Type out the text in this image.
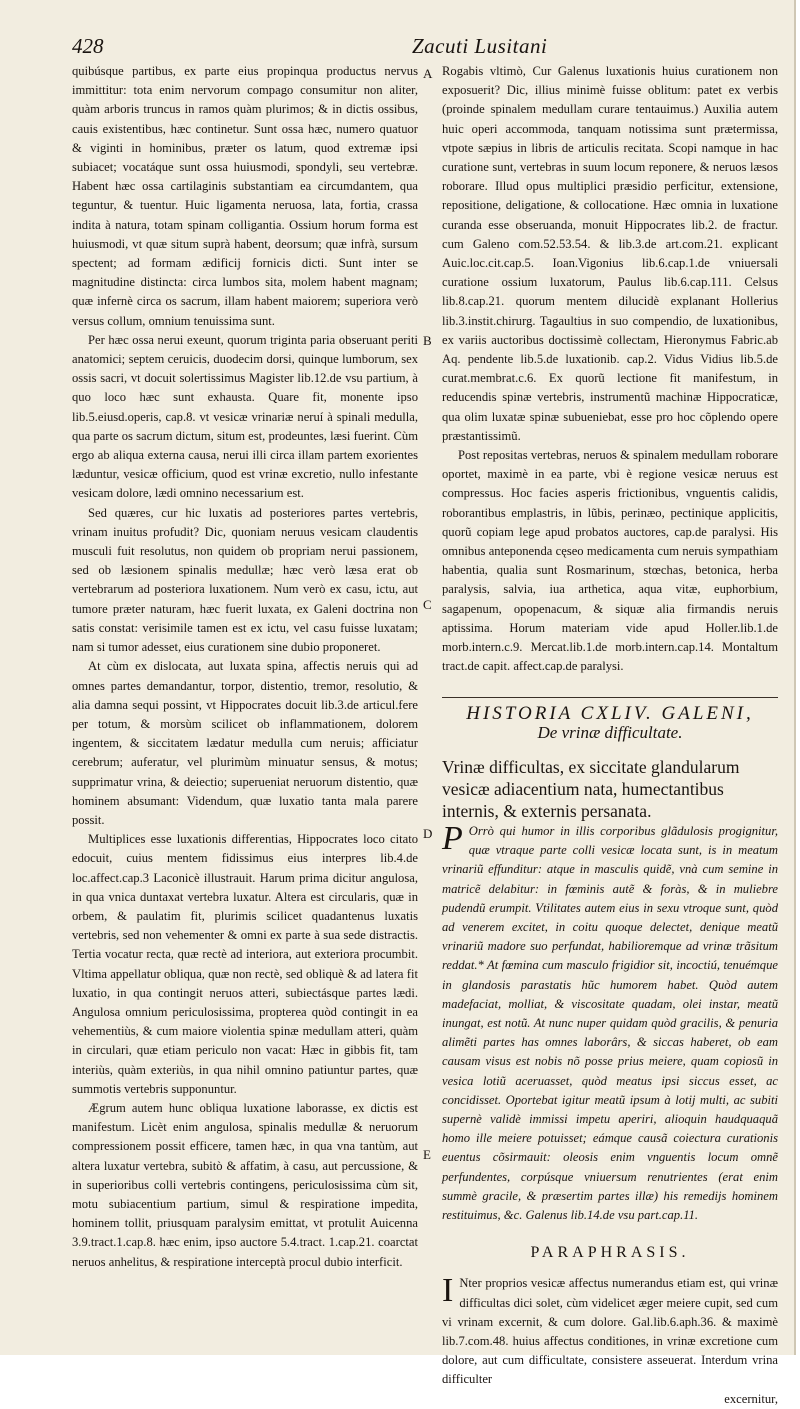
428	Zacuti Lusitani

quibúsque partibus, ex parte eius propinqua productus nervus immittitur: tota enim nervorum compago consumitur non aliter, quàm arboris truncus in ramos quàm plurimos; & in dictis ossibus, cauis existentibus, hæc continetur. Sunt ossa hæc, numero quatuor & viginti in hominibus, præter os latum, quod extremæ ipsi subiacet; vocatáque sunt ossa huiusmodi, spondyli, seu vertebræ. Habent hæc ossa cartilaginis substantiam ea circumdantem, qua teguntur, & tuentur. Huic ligamenta neruosa, lata, fortia, crassa indita à natura, totam spinam colligantia. Ossium horum forma est huiusmodi, vt quæ situm suprà habent, deorsum; quæ infrà, sursum spectent; ad formam ædificij fornicis dicti. Sunt inter se magnitudine distincta: circa lumbos sita, molem habent magnam; quæ infernè circa os sacrum, illam habent maiorem; superiora verò versus collum, omnium tenuissima sunt.

Per hæc ossa nerui exeunt, quorum triginta paria obseruant periti anatomici; septem ceruicis, duodecim dorsi, quinque lumborum, sex ossis sacri, vt docuit solertissimus Magister lib.12.de vsu partium, à quo loco hæc sunt exhausta. Quare fit, monente ipso lib.5.eiusd.operis, cap.8. vt vesicæ vrinariæ neruí à spinali medulla, qua parte os sacrum dictum, situm est, prodeuntes, læsi fuerint. Cùm ergo ab aliqua externa causa, nerui illi circa illam partem exorientes læduntur, vesicæ officium, quod est vrinæ excretio, nullo infestante vesicam dolore, lædi omnino necessarium est.

Sed quæres, cur hic luxatis ad posteriores partes vertebris, vrinam inuitus profudit? Dic, quoniam neruus vesicam claudentis musculi fuit resolutus, non quidem ob propriam nerui passionem, sed ob læsionem spinalis medullæ; hæc verò læsa erat ob vertebrarum ad posteriora luxationem. Num verò ex casu, ictu, aut tumore præter naturam, hæc fuerit luxata, ex Galeni doctrina non satis constat: verisimile tamen est ex ictu, vel casu fuisse luxatam; nam si tumor adesset, eius curationem sine dubio proponeret.

At cùm ex dislocata, aut luxata spina, affectis neruis qui ad omnes partes demandantur, torpor, distentio, tremor, resolutio, & alia damna sequi possint, vt Hippocrates docuit lib.3.de articul.fere per totum, & morsùm scilicet ob inflammationem, dolorem ingentem, & siccitatem lædatur medulla cum neruis; afficiatur cerebrum; auferatur, vel plurimùm minuatur sensus, & motus; supprimatur vrina, & deiectio; superueniat neruorum distentio, quæ hominem absumant: Videndum, quæ luxatio tanta mala parere possit.

Multiplices esse luxationis differentias, Hippocrates loco citato edocuit, cuius mentem fidissimus eius interpres lib.4.de loc.affect.cap.3 Laconicè illustrauit. Harum prima dicitur angulosa, in qua vnica duntaxat vertebra luxatur. Altera est circularis, quæ in orbem, & paulatim fit, plurimis scilicet quadantenus luxatis vertebris, sed non vehementer & omni ex parte à sua sede distractis. Tertia vocatur recta, quæ rectè ad interiora, aut exteriora procumbit. Vltima appellatur obliqua, quæ non rectè, sed obliquè & ad latera fit luxatio, in qua contingit neruos atteri, subiectásque partes lædi. Angulosa omnium periculosissima, propterea quòd contingit in ea vehementiùs, & cum maiore violentia spinæ medullam atteri, quàm in circulari, quæ etiam periculo non vacat: Hæc in gibbis fit, tam interiùs, quàm exteriùs, in qua nihil omnino patiuntur partes, quæ summotis vertebris supponuntur.

Ægrum autem hunc obliqua luxatione laborasse, ex dictis est manifestum. Licèt enim angulosa, spinalis medullæ & neruorum compressionem possit efficere, tamen hæc, in qua vna tantùm, aut altera luxatur vertebra, subitò & affatim, à casu, aut percussione, & in superioribus colli vertebris contingens, periculosissima cùm sit, motu subiacentium partium, simul & respiratione impedita, hominem tollit, priusquam paralysim emittat, vt protulit Auicenna 3.9.tract.1.cap.8. hæc enim, ipso auctore 5.4.tract. 1.cap.21. coarctat neruos anhelitus, & respiratione interceptà procul dubio interficit.

A
B
C
D
E

Rogabis vltimò, Cur Galenus luxationis huius curationem non exposuerit? Dic, illius minimè fuisse oblitum: patet ex verbis (proinde spinalem medullam curare tentauimus.) Auxilia autem huic operi accommoda, tanquam notissima sunt prætermissa, vtpote sæpius in libris de articulis recitata. Scopi namque in hac curatione sunt, vertebras in suum locum reponere, & neruos læsos roborare. Illud opus multiplici præsidio perficitur, extensione, repositione, deligatione, & collocatione. Hæc omnia in luxatione curanda esse obseruanda, monuit Hippocrates lib.2. de fractur. cum Galeno com.52.53.54. & lib.3.de art.com.21. explicant Auic.loc.cit.cap.5. Ioan.Vigonius lib.6.cap.1.de vniuersali curatione ossium luxatorum, Paulus lib.6.cap.111. Celsus lib.8.cap.21. quorum mentem dilucidè explanant Hollerius lib.3.instit.chirurg. Tagaultius in suo compendio, de luxationibus, ex variis auctoribus doctissimè collectam, Hieronymus Fabric.ab Aq. pendente lib.5.de luxationib. cap.2. Vidus Vidius lib.5.de curat.membrat.c.6. Ex quorũ lectione fit manifestum, in reducendis spinæ vertebris, instrumentũ machinæ Hippocraticæ, qua olim luxatæ spinæ subueniebat, esse pro hoc cõplendo opere præstantissimũ.

Post repositas vertebras, neruos & spinalem medullam roborare oportet, maximè in ea parte, vbi è regione vesicæ neruus est compressus. Hoc facies asperis frictionibus, vnguentis calidis, roborantibus emplastris, in lũbis, perinæo, pectinique applicitis, quorũ copiam lege apud probatos auctores, cap.de paralysi. His omnibus anteponenda cęseo medicamenta cum neruis sympathiam habentia, qualia sunt Rosmarinum, stœchas, betonica, herba paralysis, salvia, iua arthetica, aqua vitæ, euphorbium, sagapenum, opopenacum, & siquæ alia firmandis neruis aptissima. Horum materiam vide apud Holler.lib.1.de morb.intern.c.9. Mercat.lib.1.de morb.intern.cap.14. Montaltum tract.de capit. affect.cap.de paralysi.

HISTORIA CXLIV. GALENI,
De vrinæ difficultate.

Vrinæ difficultas, ex siccitate glandularum vesicæ adiacentium nata, humectantibus internis, & externis persanata.

P Orrò qui humor in illis corporibus glãdulosis progignitur, quæ vtraque parte colli vesicæ locata sunt, is in meatum vrinariũ effunditur: atque in masculis quidẽ, vnà cum semine in matricẽ delabitur: in fœminis autẽ & foràs, & in muliebre pudendũ erumpit. Vtilitates autem eius in sexu vtroque sunt, quòd ad venerem excitet, in coitu quoque delectet, denique meatũ vrinariũ madore suo perfundat, habilioremque ad vrinæ trãsitum reddat.* At fœmina cum masculo frigidior sit, incoctiú, tenuémque in glandosis parastatis hũc humorem habet. Quòd autem madefaciat, molliat, & viscositate quadam, olei instar, meatũ inungat, est notũ. At nunc nuper quidam quòd gracilis, & penuria alimẽti partes has omnes laborârs, & siccas haberet, ob eam causam visus est nobis nõ posse prius meiere, quam copiosũ in vesica lotiũ aceruasset, quòd meatus ipsi siccus esset, ac concidisset. Oportebat igitur meatũ ipsum à lotij multi, ac subiti supernè validè immissi impetu aperiri, alioquin haudquaquã homo ille meiere potuisset; eámque causã coiectura curationis euentus cõsirmauit: oleosis enim vnguentis locum omnẽ perfundentes, corpúsque vniuersum renutrientes (erat enim summè gracile, & præsertim partes illæ) his remedijs hominem restituimus, &c. Galenus lib.14.de vsu part.cap.11.

PARAPHRASIS.

I Nter proprios vesicæ affectus numerandus etiam est, qui vrinæ difficultas dici solet, cùm videlicet æger meiere cupit, sed cum vi vrinam excernit, & cum dolore. Gal.lib.6.aph.36. & maximè lib.7.com.48. huius affectus conditiones, in vrinæ excretione cum dolore, aut cum difficultate, consistere asseuerat. Interdum vrina difficulter

excernitur,
